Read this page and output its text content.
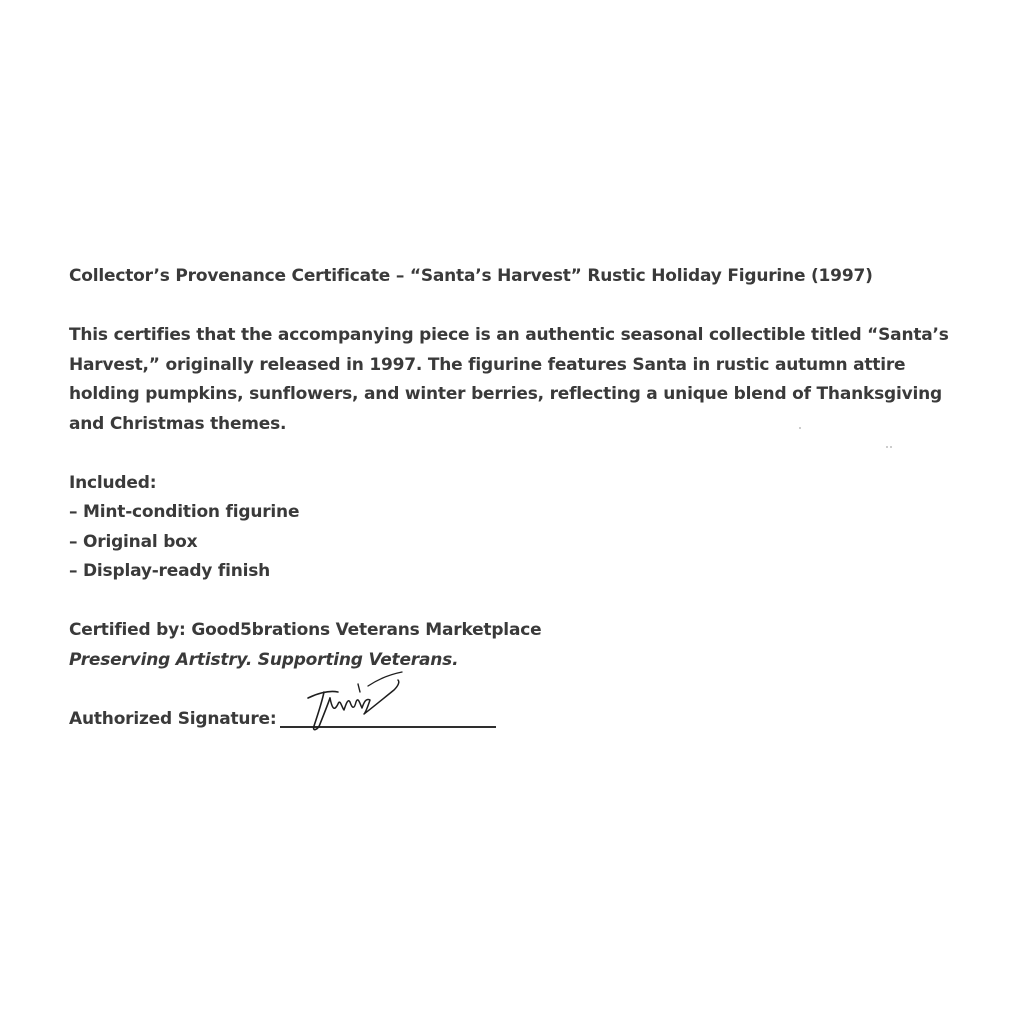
Collector’s Provenance Certificate – “Santa’s Harvest” Rustic Holiday Figurine (1997)

This certifies that the accompanying piece is an authentic seasonal collectible titled “Santa’s Harvest,” originally released in 1997. The figurine features Santa in rustic autumn attire holding pumpkins, sunflowers, and winter berries, reflecting a unique blend of Thanksgiving and Christmas themes.

Included:
– Mint-condition figurine
– Original box
– Display-ready finish
Certified by: Good5brations Veterans Marketplace
Preserving Artistry. Supporting Veterans.
Authorized Signature:
